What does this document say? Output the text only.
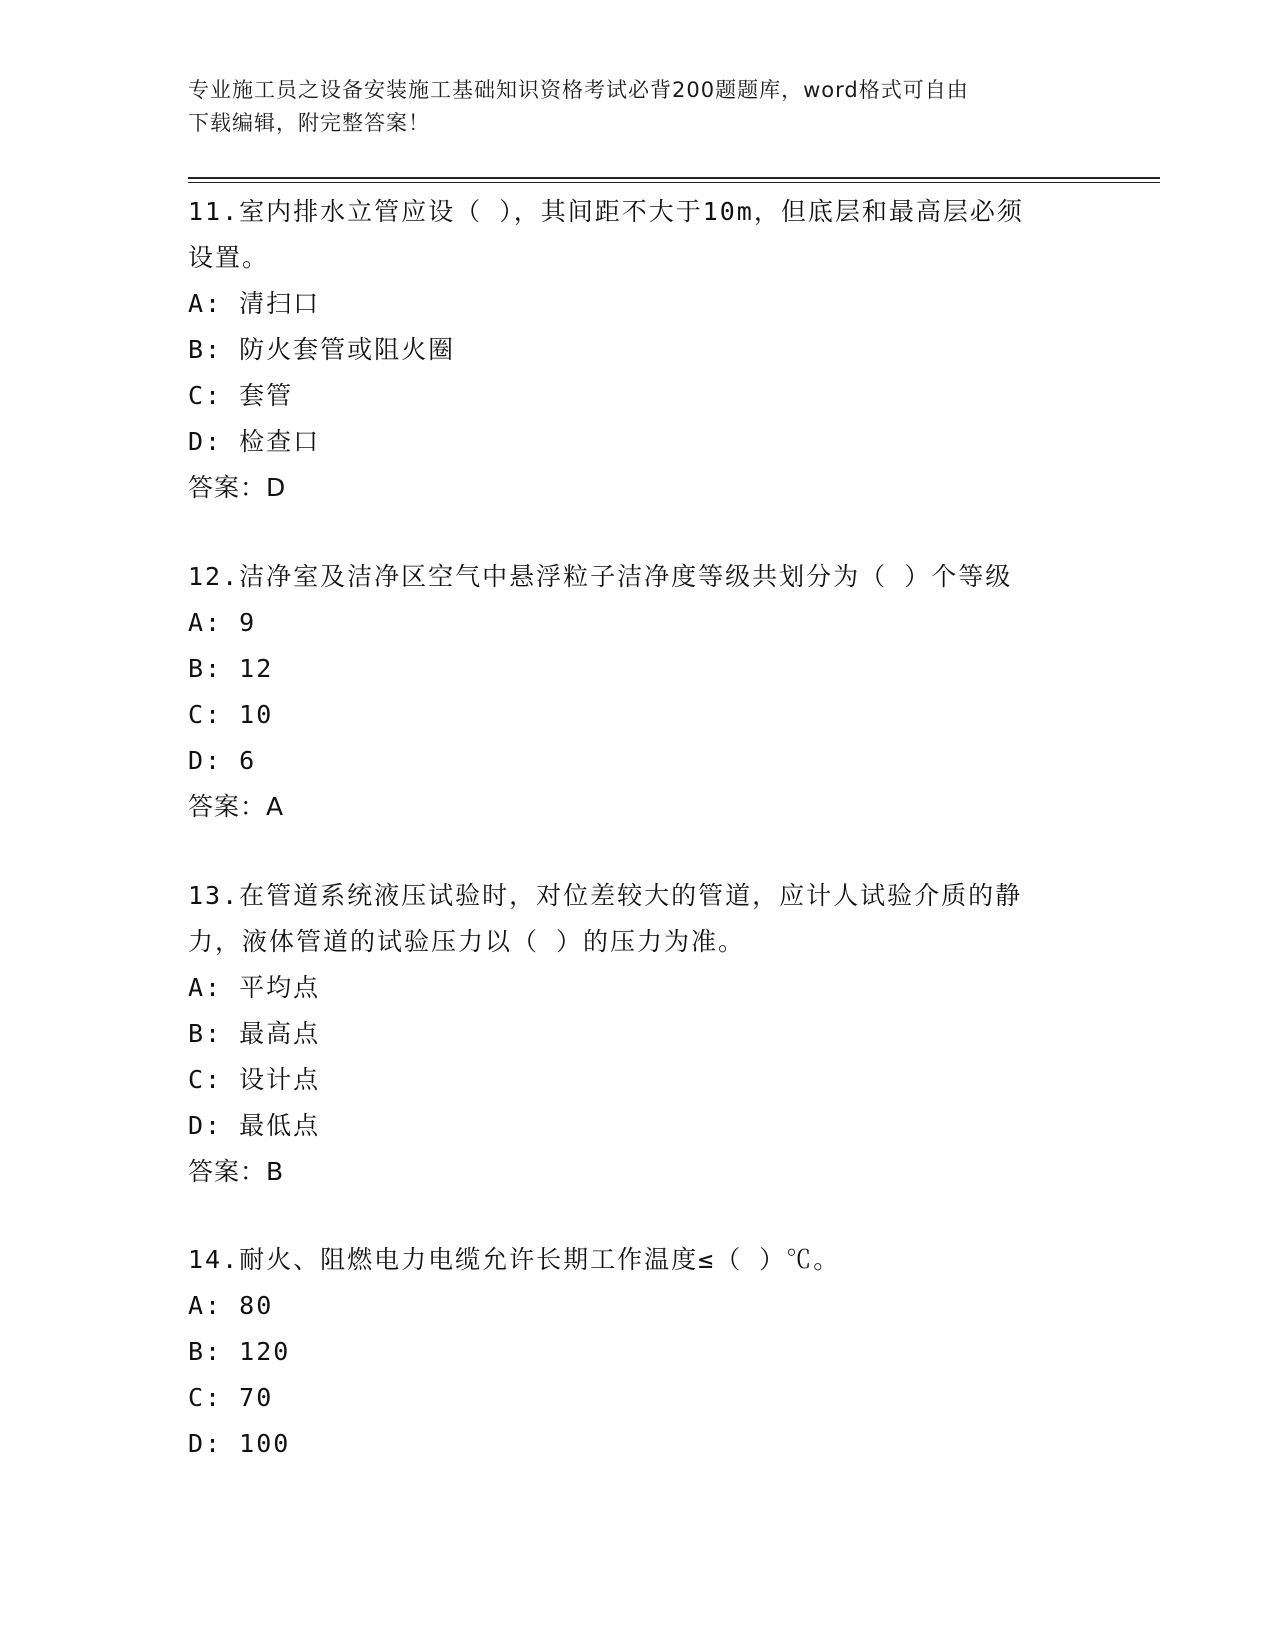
专业施工员之设备安装施工基础知识资格考试必背200题题库，word格式可自由
下载编辑，附完整答案！

11.室内排水立管应设（ ），其间距不大于10m，但底层和最高层必须

设置。

A: 清扫口

B: 防火套管或阻火圈

C: 套管

D: 检查口

答案：D

12.洁净室及洁净区空气中悬浮粒子洁净度等级共划分为（ ）个等级

A: 9

B: 12

C: 10

D: 6

答案：A

13.在管道系统液压试验时，对位差较大的管道，应计人试验介质的静

力，液体管道的试验压力以（ ）的压力为准。

A: 平均点

B: 最高点

C: 设计点

D: 最低点

答案：B

14.耐火、阻燃电力电缆允许长期工作温度≤（ ）℃。

A: 80

B: 120

C: 70

D: 100
